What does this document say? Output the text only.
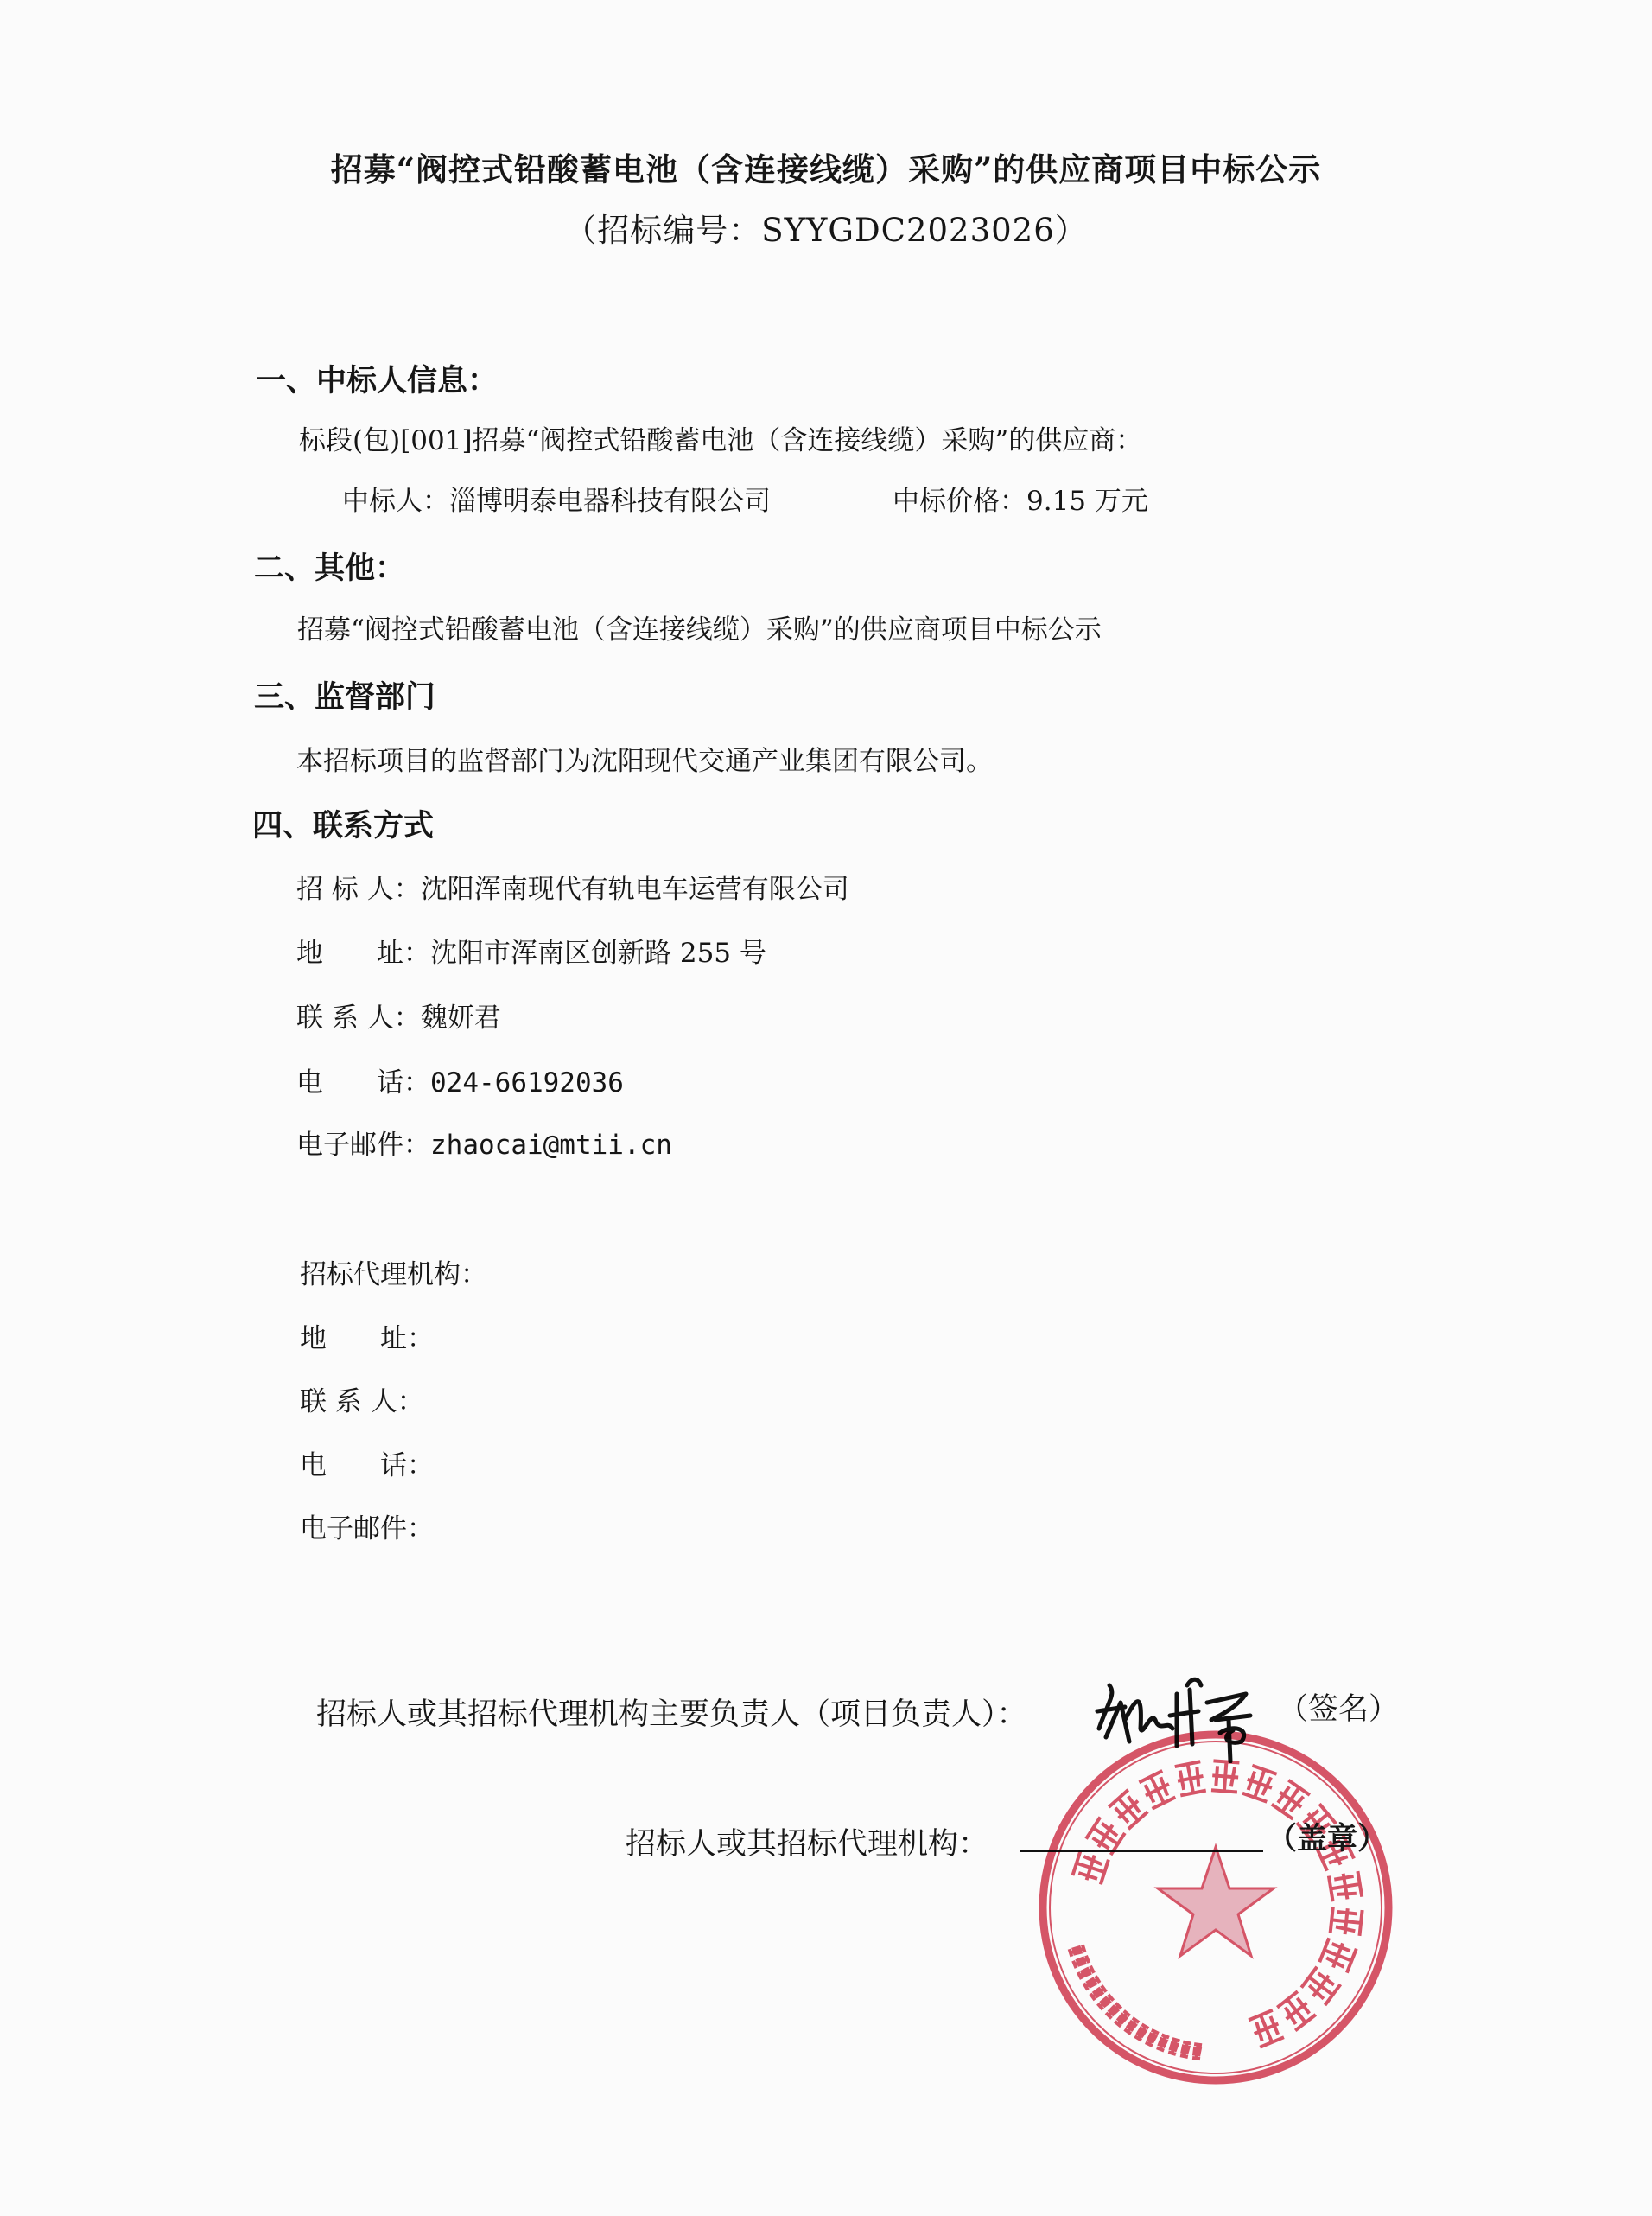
招募“阀控式铅酸蓄电池（含连接线缆）采购”的供应商项目中标公示
（招标编号：SYYGDC2023026）
一、中标人信息：
标段(包)[001]招募“阀控式铅酸蓄电池（含连接线缆）采购”的供应商：
中标人：淄博明泰电器科技有限公司	中标价格：9.15 万元
二、其他：
招募“阀控式铅酸蓄电池（含连接线缆）采购”的供应商项目中标公示
三、监督部门
本招标项目的监督部门为沈阳现代交通产业集团有限公司。
四、联系方式
招 标 人：沈阳浑南现代有轨电车运营有限公司
地　　址：沈阳市浑南区创新路 255 号
联 系 人：魏妍君
电　　话：024-66192036
电子邮件：zhaocai@mtii.cn
招标代理机构：
地　　址：
联 系 人：
电　　话：
电子邮件：
招标人或其招标代理机构主要负责人（项目负责人）：	（签名）
招标人或其招标代理机构：	（盖章）
